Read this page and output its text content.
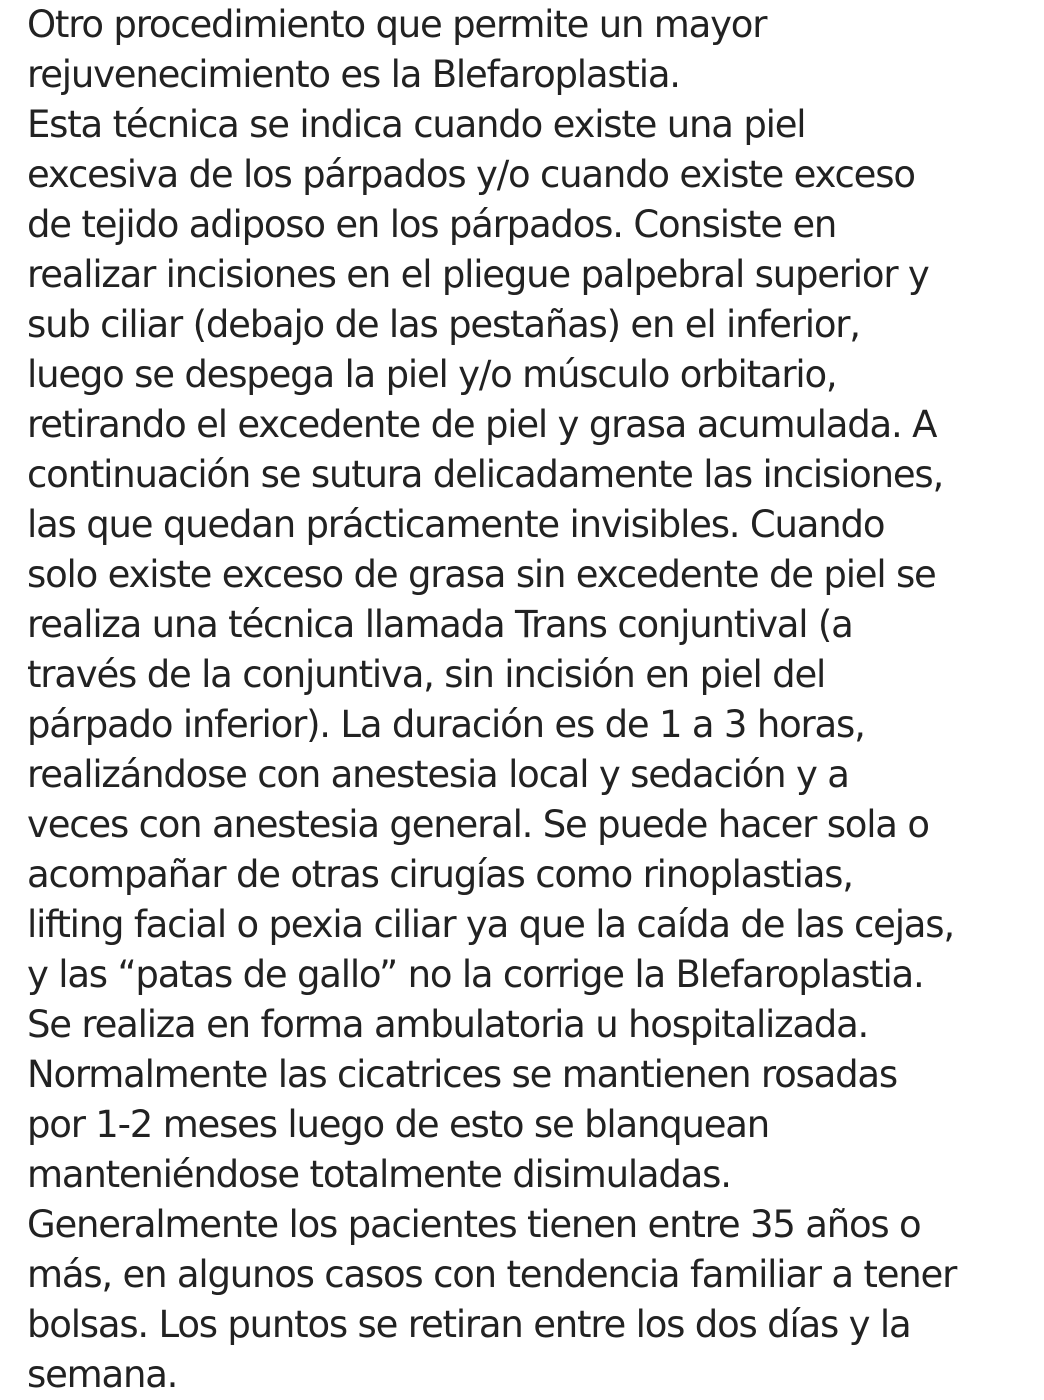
Otro procedimiento que permite un mayor
rejuvenecimiento es la Blefaroplastia.
Esta técnica se indica cuando existe una piel
excesiva de los párpados y/o cuando existe exceso
de tejido adiposo en los párpados. Consiste en
realizar incisiones en el pliegue palpebral superior y
sub ciliar (debajo de las pestañas) en el inferior,
luego se despega la piel y/o músculo orbitario,
retirando el excedente de piel y grasa acumulada. A
continuación se sutura delicadamente las incisiones,
las que quedan prácticamente invisibles. Cuando
solo existe exceso de grasa sin excedente de piel se
realiza una técnica llamada Trans conjuntival (a
través de la conjuntiva, sin incisión en piel del
párpado inferior). La duración es de 1 a 3 horas,
realizándose con anestesia local y sedación y a
veces con anestesia general. Se puede hacer sola o
acompañar de otras cirugías como rinoplastias,
lifting facial o pexia ciliar ya que la caída de las cejas,
y las “patas de gallo” no la corrige la Blefaroplastia.
Se realiza en forma ambulatoria u hospitalizada.
Normalmente las cicatrices se mantienen rosadas
por 1-2 meses luego de esto se blanquean
manteniéndose totalmente disimuladas.
Generalmente los pacientes tienen entre 35 años o
más, en algunos casos con tendencia familiar a tener
bolsas. Los puntos se retiran entre los dos días y la
semana.
